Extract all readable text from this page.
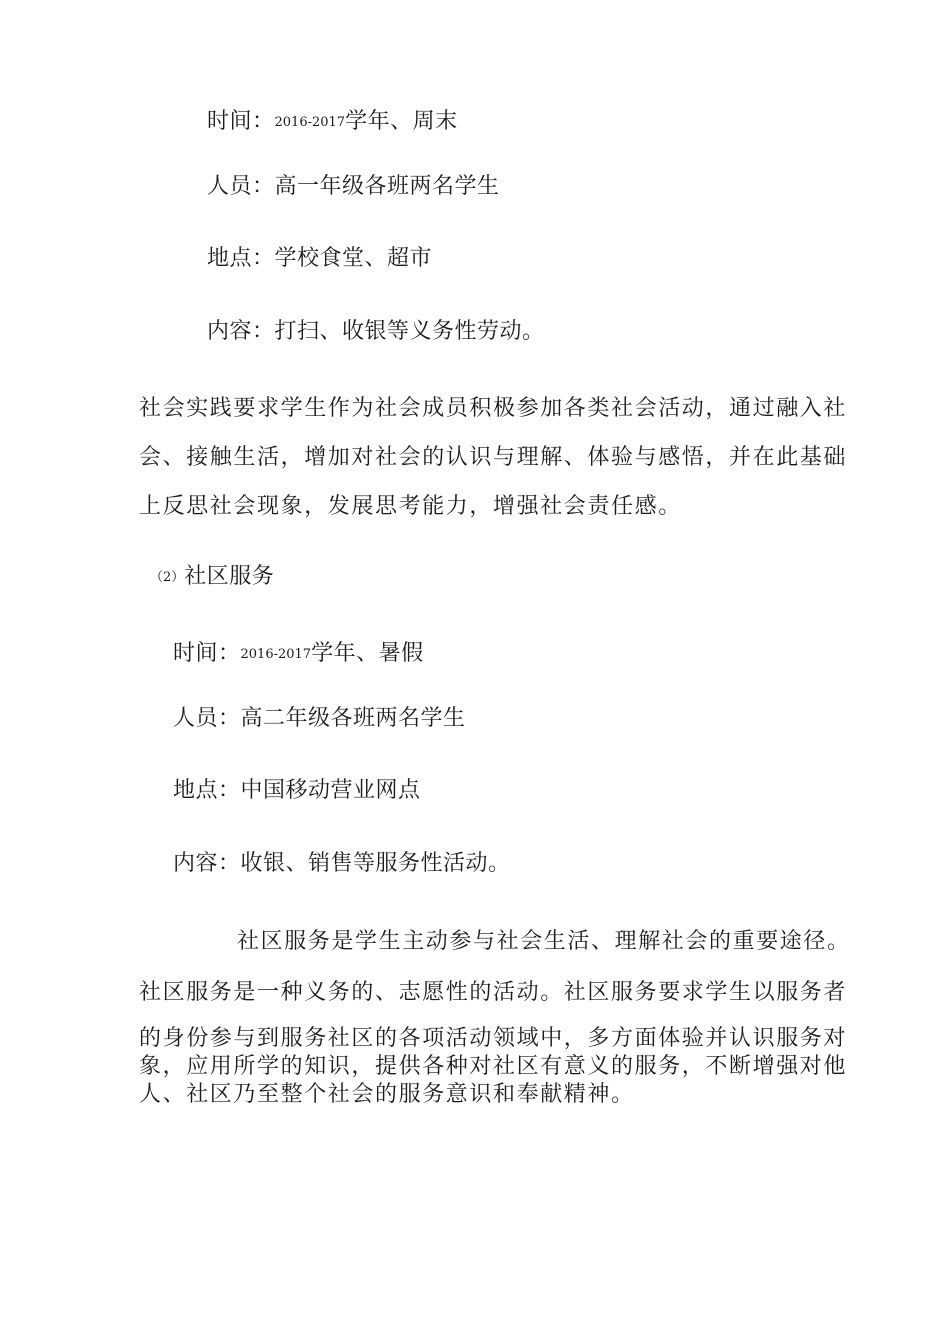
时间：2016-2017学年、周末
人员：高一年级各班两名学生
地点：学校食堂、超市
内容：打扫、收银等义务性劳动。
社会实践要求学生作为社会成员积极参加各类社会活动，通过融入社
会、接触生活，增加对社会的认识与理解、体验与感悟，并在此基础
上反思社会现象，发展思考能力，增强社会责任感。
（2）社区服务
时间：2016-2017学年、暑假
人员：高二年级各班两名学生
地点：中国移动营业网点
内容：收银、销售等服务性活动。
社区服务是学生主动参与社会生活、理解社会的重要途径。
社区服务是一种义务的、志愿性的活动。社区服务要求学生以服务者
的身份参与到服务社区的各项活动领域中，多方面体验并认识服务对
象，应用所学的知识，提供各种对社区有意义的服务，不断增强对他
人、社区乃至整个社会的服务意识和奉献精神。
